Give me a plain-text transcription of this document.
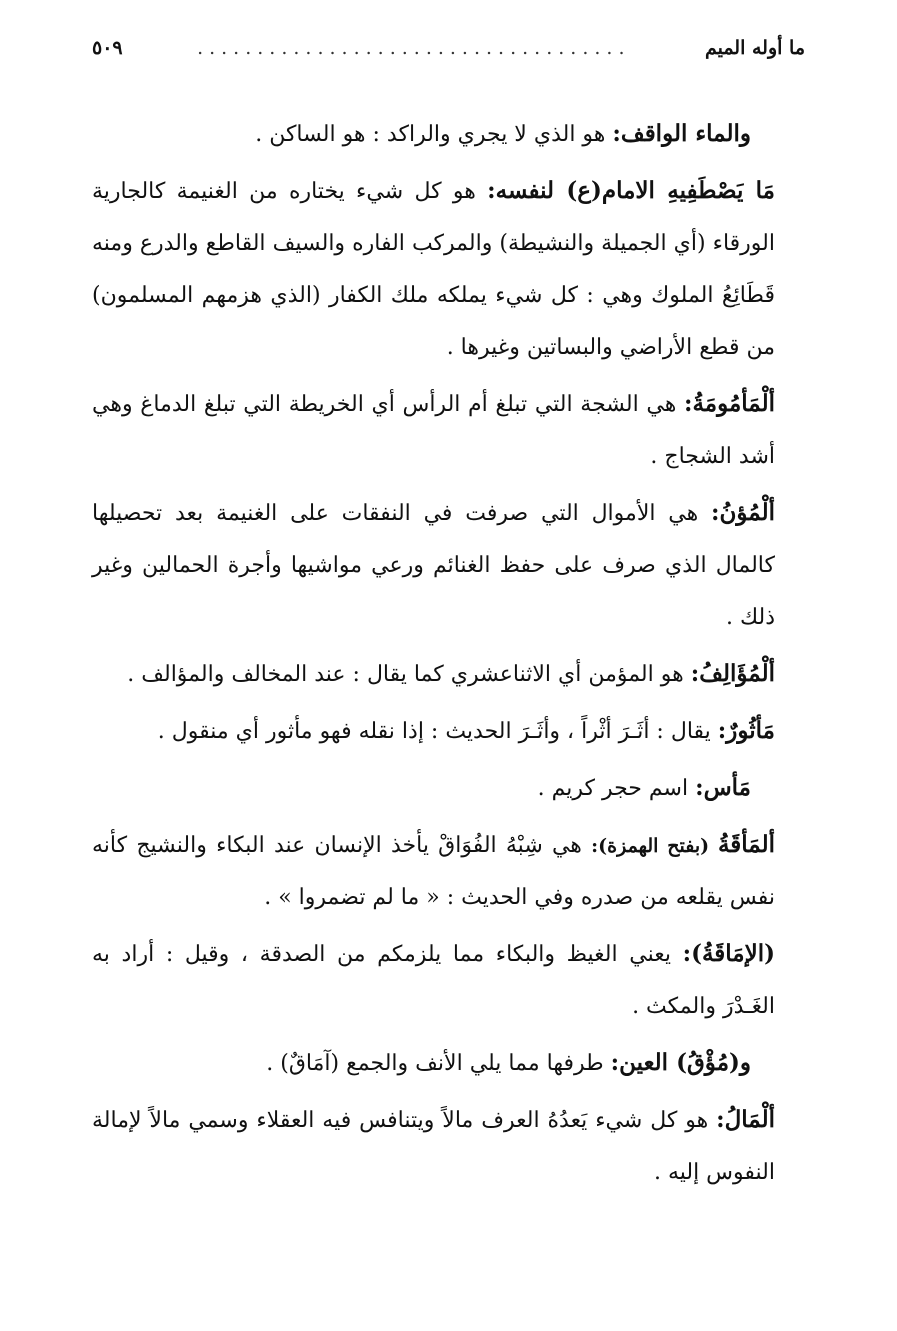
ما أوله الميم
....................................
٥٠٩

والماء الواقف: هو الذي لا يجري والراكد : هو الساكن .

مَا يَصْطَفِيهِ الامام(ع) لنفسه: هو كل شيء يختاره من الغنيمة كالجارية الورقاء (أي الجميلة والنشيطة) والمركب الفاره والسيف القاطع والدرع ومنه قَطَائِعُ الملوك وهي : كل شيء يملكه ملك الكفار (الذي هزمهم المسلمون) من قطع الأراضي والبساتين وغيرها .

ألْمَأمُومَةُ: هي الشجة التي تبلغ أم الرأس أي الخريطة التي تبلغ الدماغ وهي أشد الشجاج .

ألْمُؤنُ: هي الأموال التي صرفت في النفقات على الغنيمة بعد تحصيلها كالمال الذي صرف على حفظ الغنائم ورعي مواشيها وأجرة الحمالين وغير ذلك .

ألْمُؤَالِفُ: هو المؤمن أي الاثناعشري كما يقال : عند المخالف والمؤالف .

مَأثُورٌ: يقال : أثَـرَ أثْراً ، وأثَـرَ الحديث : إذا نقله فهو مأثور أي منقول .

مَأس: اسم حجر كريم .

ألمَأقَةُ (بفتح الهمزة): هي شِبْهُ الفُوَاقْ يأخذ الإنسان عند البكاء والنشيج كأنه نفس يقلعه من صدره وفي الحديث : « ما لم تضمروا » .

(الإمَاقَةُ): يعني الغيظ والبكاء مما يلزمكم من الصدقة ، وقيل : أراد به الغَـدْرَ والمكث .

و(مُؤْقُ) العين: طرفها مما يلي الأنف والجمع (آمَاقٌ) .

ألْمَالُ: هو كل شيء يَعدُهُ العرف مالاً ويتنافس فيه العقلاء وسمي مالاً لإمالة النفوس إليه .
